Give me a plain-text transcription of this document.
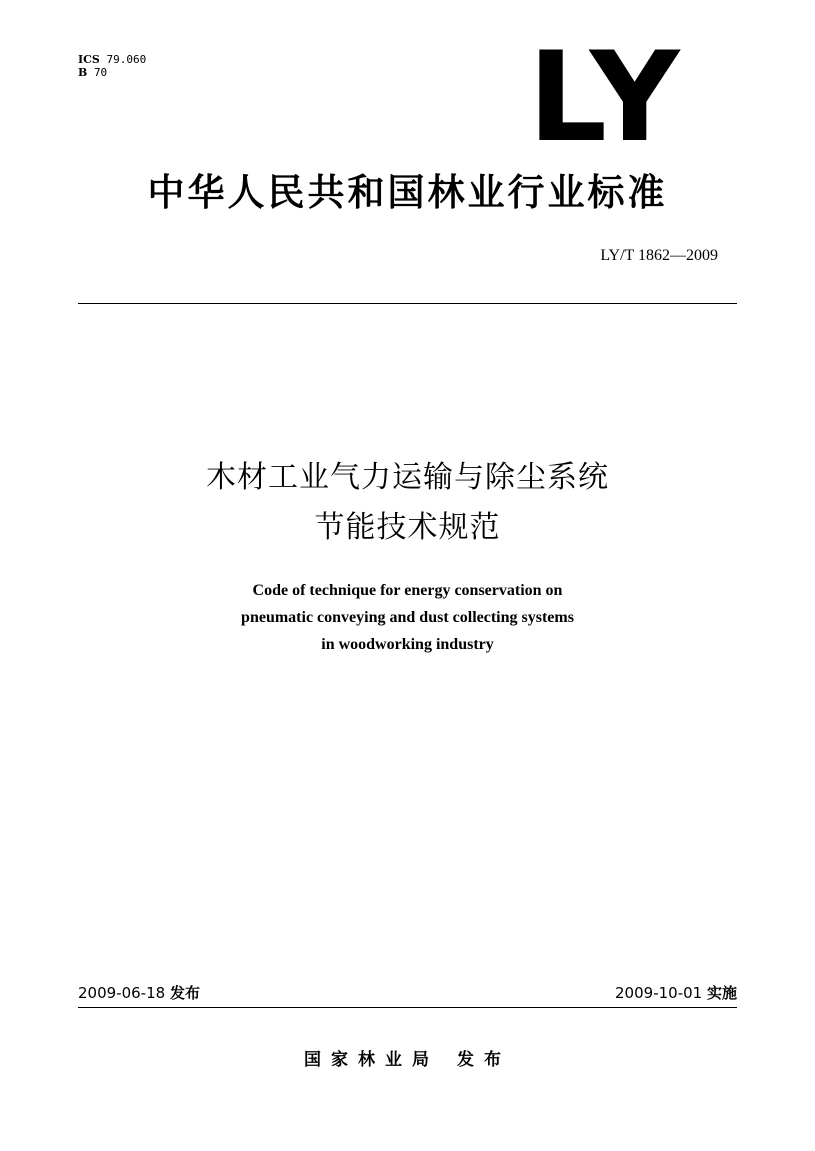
ICS 79.060
B 70	LY
中华人民共和国林业行业标准
LY/T 1862—2009
木材工业气力运输与除尘系统
节能技术规范
Code of technique for energy conservation on
pneumatic conveying and dust collecting systems
in woodworking industry
2009-06-18 发布	2009-10-01 实施
国家林业局 发布
